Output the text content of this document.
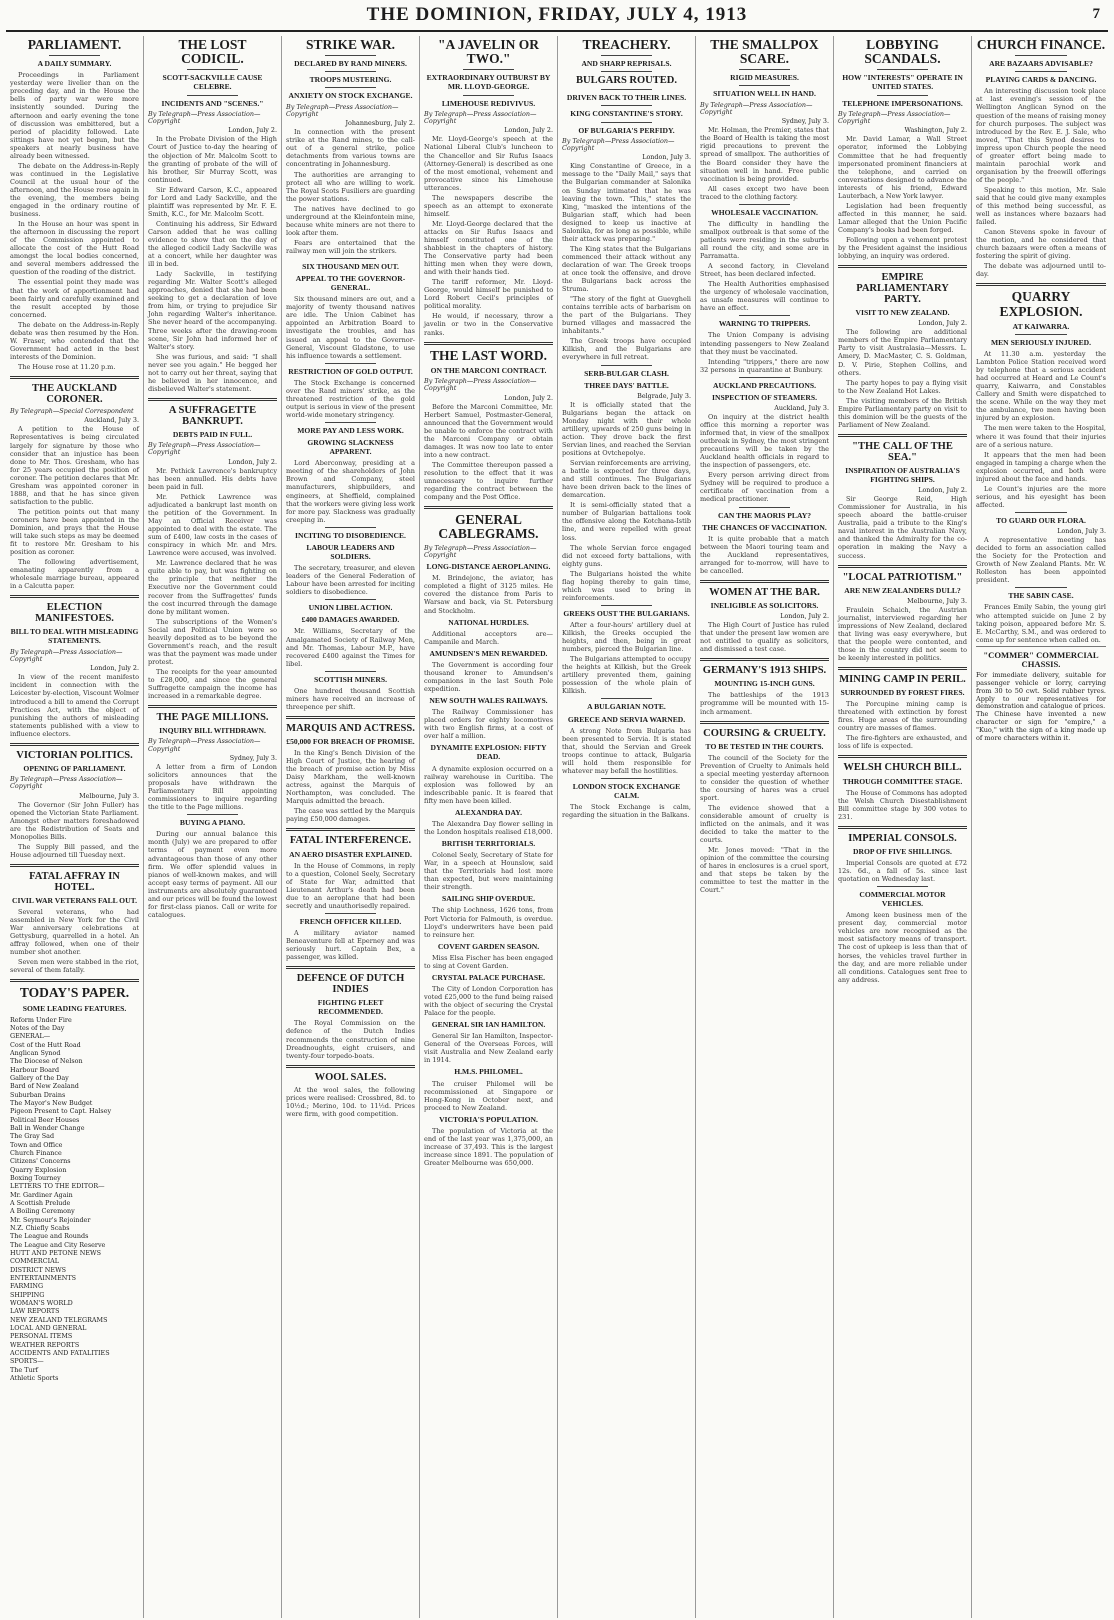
THE DOMINION, FRIDAY, JULY 4, 1913	7
PARLIAMENT.
A DAILY SUMMARY.

Proceedings in Parliament yesterday were livelier than on the preceding day, and in the House the bells of party war were more insistently sounded. During the afternoon and early evening the tone of discussion was embittered, but a period of placidity followed. Late sittings have not yet begun, but the speakers at nearly business have already been witnessed.

The debate on the Address-in-Reply was continued in the Legislative Council at the usual hour of the afternoon, and the House rose again in the evening, the members being engaged in the ordinary routine of business.

In the House an hour was spent in the afternoon in discussing the report of the Commission appointed to allocate the cost of the Hutt Road amongst the local bodies concerned, and several members addressed the question of the roading of the district.

The essential point they made was that the work of apportionment had been fairly and carefully examined and the result accepted by those concerned.

The debate on the Address-in-Reply debate was then resumed by the Hon. W. Fraser, who contended that the Government had acted in the best interests of the Dominion.

The House rose at 11.20 p.m.

THE AUCKLAND CORONER.
By Telegraph—Special Correspondent
Auckland, July 3.

A petition to the House of Representatives is being circulated largely for signature by those who consider that an injustice has been done to Mr. Thos. Gresham, who has for 25 years occupied the position of coroner. The petition declares that Mr. Gresham was appointed coroner in 1888, and that he has since given satisfaction to the public.

The petition points out that many coroners have been appointed in the Dominion, and prays that the House will take such steps as may be deemed fit to restore Mr. Gresham to his position as coroner.

The following advertisement, emanating apparently from a wholesale marriage bureau, appeared in a Calcutta paper.

ELECTION MANIFESTOES.
BILL TO DEAL WITH MISLEADING STATEMENTS.
By Telegraph—Press Association—Copyright
London, July 2.

In view of the recent manifesto incident in connection with the Leicester by-election, Viscount Wolmer introduced a bill to amend the Corrupt Practices Act, with the object of punishing the authors of misleading statements published with a view to influence electors.

VICTORIAN POLITICS.
OPENING OF PARLIAMENT.
By Telegraph—Press Association—Copyright
Melbourne, July 3.

The Governor (Sir John Fuller) has opened the Victorian State Parliament. Amongst other matters foreshadowed are the Redistribution of Seats and Monopolies Bills.

The Supply Bill passed, and the House adjourned till Tuesday next.

FATAL AFFRAY IN HOTEL.
CIVIL WAR VETERANS FALL OUT.

Several veterans, who had assembled in New York for the Civil War anniversary celebrations at Gettysburg, quarrelled in a hotel. An affray followed, when one of their number shot another.

Seven men were stabbed in the riot, several of them fatally.

TODAY'S PAPER.
SOME LEADING FEATURES.
Reform Under Fire
Notes of the Day
GENERAL—
Cost of the Hutt Road
Anglican Synod
The Diocese of Nelson
Harbour Board
Gallery of the Day
Bard of New Zealand
Suburban Drains
The Mayor's New Budget
Pigeon Present to Capt. Halsey
Political Beer Houses
Ball in Wender Change
The Gray Sad
Town and Office
Church Finance
Citizens' Concerns
Quarry Explosion
Boxing Tourney
LETTERS TO THE EDITOR—
Mr. Gardiner Again
A Scottish Prelude
A Boiling Ceremony
Mr. Seymour's Rejoinder
N.Z. Chiefly Scabs
The League and Rounds
The League and City Reserve
HUTT AND PETONE NEWS
COMMERCIAL
DISTRICT NEWS
ENTERTAINMENTS
FARMING
SHIPPING
WOMAN'S WORLD
LAW REPORTS
NEW ZEALAND TELEGRAMS
LOCAL AND GENERAL
PERSONAL ITEMS
WEATHER REPORTS
ACCIDENTS AND FATALITIES
SPORTS—
The Turf
Athletic Sports
THE LOST CODICIL.
SCOTT-SACKVILLE CAUSE CELEBRE.
INCIDENTS AND "SCENES."
By Telegraph—Press Association—Copyright
London, July 2.

In the Probate Division of the High Court of Justice to-day the hearing of the objection of Mr. Malcolm Scott to the granting of probate of the will of his brother, Sir Murray Scott, was continued.

Sir Edward Carson, K.C., appeared for Lord and Lady Sackville, and the plaintiff was represented by Mr. F. E. Smith, K.C., for Mr. Malcolm Scott.

Continuing his address, Sir Edward Carson added that he was calling evidence to show that on the day of the alleged codicil Lady Sackville was at a concert, while her daughter was ill in bed.

Lady Sackville, in testifying regarding Mr. Walter Scott's alleged approaches, denied that she had been seeking to get a declaration of love from him, or trying to prejudice Sir John regarding Walter's inheritance. She never heard of the accompanying. Three weeks after the drawing-room scene, Sir John had informed her of Walter's story.

She was furious, and said: "I shall never see you again." He begged her not to carry out her threat, saying that he believed in her innocence, and disbelieved Walter's statement.

A SUFFRAGETTE BANKRUPT.
DEBTS PAID IN FULL.
By Telegraph—Press Association—Copyright
London, July 2.

Mr. Pethick Lawrence's bankruptcy has been annulled. His debts have been paid in full.

Mr. Pethick Lawrence was adjudicated a bankrupt last month on the petition of the Government. In May an Official Receiver was appointed to deal with the estate. The sum of £400, law costs in the cases of conspiracy in which Mr. and Mrs. Lawrence were accused, was involved.

Mr. Lawrence declared that he was quite able to pay, but was fighting on the principle that neither the Executive nor the Government could recover from the Suffragettes' funds the cost incurred through the damage done by militant women.

The subscriptions of the Women's Social and Political Union were so heavily deposited as to be beyond the Government's reach, and the result was that the payment was made under protest.

The receipts for the year amounted to £28,000, and since the general Suffragette campaign the income has increased in a remarkable degree.

THE PAGE MILLIONS.
INQUIRY BILL WITHDRAWN.
By Telegraph—Press Association—Copyright
Sydney, July 3.

A letter from a firm of London solicitors announces that the proposals have withdrawn the Parliamentary Bill appointing commissioners to inquire regarding the title to the Page millions.

BUYING A PIANO.

During our annual balance this month (July) we are prepared to offer terms of payment even more advantageous than those of any other firm. We offer splendid values in pianos of well-known makes, and will accept easy terms of payment. All our instruments are absolutely guaranteed and our prices will be found the lowest for first-class pianos. Call or write for catalogues.

STRIKE WAR.
DECLARED BY RAND MINERS.
TROOPS MUSTERING.
ANXIETY ON STOCK EXCHANGE.
By Telegraph—Press Association—Copyright
Johannesburg, July 2.

In connection with the present strike at the Rand mines, to the call-out of a general strike, police detachments from various towns are concentrating in Johannesburg.

The authorities are arranging to protect all who are willing to work. The Royal Scots Fusiliers are guarding the power stations.

The natives have declined to go underground at the Kleinfontein mine, because white miners are not there to look after them.

Fears are entertained that the railway men will join the strikers.

SIX THOUSAND MEN OUT.
APPEAL TO THE GOVERNOR-GENERAL.

Six thousand miners are out, and a majority of twenty thousand natives are idle. The Union Cabinet has appointed an Arbitration Board to investigate the troubles, and has issued an appeal to the Governor-General, Viscount Gladstone, to use his influence towards a settlement.

RESTRICTION OF GOLD OUTPUT.

The Stock Exchange is concerned over the Rand miners' strike, as the threatened restriction of the gold output is serious in view of the present world-wide monetary stringency.

MORE PAY AND LESS WORK.
GROWING SLACKNESS APPARENT.

Lord Aberconway, presiding at a meeting of the shareholders of John Brown and Company, steel manufacturers, shipbuilders, and engineers, at Sheffield, complained that the workers were giving less work for more pay. Slackness was gradually creeping in.

INCITING TO DISOBEDIENCE.
LABOUR LEADERS AND SOLDIERS.

The secretary, treasurer, and eleven leaders of the General Federation of Labour have been arrested for inciting soldiers to disobedience.

UNION LIBEL ACTION.
£400 DAMAGES AWARDED.

Mr. Williams, Secretary of the Amalgamated Society of Railway Men, and Mr. Thomas, Labour M.P., have recovered £400 against the Times for libel.

SCOTTISH MINERS.

One hundred thousand Scottish miners have received an increase of threepence per shift.

MARQUIS AND ACTRESS.
£50,000 FOR BREACH OF PROMISE.

In the King's Bench Division of the High Court of Justice, the hearing of the breach of promise action by Miss Daisy Markham, the well-known actress, against the Marquis of Northampton, was concluded. The Marquis admitted the breach.

The case was settled by the Marquis paying £50,000 damages.

FATAL INTERFERENCE.
AN AERO DISASTER EXPLAINED.

In the House of Commons, in reply to a question, Colonel Seely, Secretary of State for War, admitted that Lieutenant Arthur's death had been due to an aeroplane that had been secretly and unauthorisedly repaired.

FRENCH OFFICER KILLED.

A military aviator named Beneaventure fell at Eperney and was seriously hurt. Captain Bex, a passenger, was killed.

DEFENCE OF DUTCH INDIES
FIGHTING FLEET RECOMMENDED.

The Royal Commission on the defence of the Dutch Indies recommends the construction of nine Dreadnoughts, eight cruisers, and twenty-four torpedo-boats.

WOOL SALES.

At the wool sales, the following prices were realised: Crossbred, 8d. to 10½d.; Merino, 10d. to 11½d. Prices were firm, with good competition.

"A JAVELIN OR TWO."
EXTRAORDINARY OUTBURST BY MR. LLOYD-GEORGE.
LIMEHOUSE REDIVIVUS.
By Telegraph—Press Association—Copyright
London, July 2.

Mr. Lloyd-George's speech at the National Liberal Club's luncheon to the Chancellor and Sir Rufus Isaacs (Attorney-General) is described as one of the most emotional, vehement and provocative since his Limehouse utterances.

The newspapers describe the speech as an attempt to exonerate himself.

Mr. Lloyd-George declared that the attacks on Sir Rufus Isaacs and himself constituted one of the shabbiest in the chapters of history. The Conservative party had been hitting men when they were down, and with their hands tied.

The tariff reformer, Mr. Lloyd-George, would himself be punished to Lord Robert Cecil's principles of political morality.

He would, if necessary, throw a javelin or two in the Conservative ranks.

THE LAST WORD.
ON THE MARCONI CONTRACT.
By Telegraph—Press Association—Copyright
London, July 2.

Before the Marconi Committee, Mr. Herbert Samuel, Postmaster-General, announced that the Government would be unable to enforce the contract with the Marconi Company or obtain damages. It was now too late to enter into a new contract.

The Committee thereupon passed a resolution to the effect that it was unnecessary to inquire further regarding the contract between the company and the Post Office.

GENERAL CABLEGRAMS.
By Telegraph—Press Association—Copyright
LONG-DISTANCE AEROPLANING.

M. Brindejonc, the aviator, has completed a flight of 3125 miles. He covered the distance from Paris to Warsaw and back, via St. Petersburg and Stockholm.

NATIONAL HURDLES.

Additional acceptors are—Campanile and March.

AMUNDSEN'S MEN REWARDED.

The Government is according four thousand kroner to Amundsen's companions in the last South Pole expedition.

NEW SOUTH WALES RAILWAYS.

The Railway Commissioner has placed orders for eighty locomotives with two English firms, at a cost of over half a million.

DYNAMITE EXPLOSION: FIFTY DEAD.

A dynamite explosion occurred on a railway warehouse in Curitiba. The explosion was followed by an indescribable panic. It is feared that fifty men have been killed.

ALEXANDRA DAY.

The Alexandra Day flower selling in the London hospitals realised £18,000.

BRITISH TERRITORIALS.

Colonel Seely, Secretary of State for War, in a speech at Hounslow, said that the Territorials had lost more than expected, but were maintaining their strength.

SAILING SHIP OVERDUE.

The ship Lochness, 1626 tons, from Port Victoria for Falmouth, is overdue. Lloyd's underwriters have been paid to reinsure her.

COVENT GARDEN SEASON.

Miss Elsa Fischer has been engaged to sing at Covent Garden.

CRYSTAL PALACE PURCHASE.

The City of London Corporation has voted £25,000 to the fund being raised with the object of securing the Crystal Palace for the people.

GENERAL SIR IAN HAMILTON.

General Sir Ian Hamilton, Inspector-General of the Overseas Forces, will visit Australia and New Zealand early in 1914.

H.M.S. PHILOMEL.

The cruiser Philomel will be recommissioned at Singapore or Hong-Kong in October next, and proceed to New Zealand.

VICTORIA'S POPULATION.

The population of Victoria at the end of the last year was 1,375,000, an increase of 37,493. This is the largest increase since 1891. The population of Greater Melbourne was 650,000.

TREACHERY.
AND SHARP REPRISALS.
BULGARS ROUTED.
DRIVEN BACK TO THEIR LINES.
KING CONSTANTINE'S STORY.
OF BULGARIA'S PERFIDY.
By Telegraph—Press Association—Copyright
London, July 3.

King Constantine of Greece, in a message to the "Daily Mail," says that the Bulgarian commander at Salonika on Sunday intimated that he was leaving the town. "This," states the King, "masked the intentions of the Bulgarian staff, which had been designed to keep us inactive at Salonika, for as long as possible, while their attack was preparing."

The King states that the Bulgarians commenced their attack without any declaration of war. The Greek troops at once took the offensive, and drove the Bulgarians back across the Struma.

"The story of the fight at Guevgheli contains terrible acts of barbarism on the part of the Bulgarians. They burned villages and massacred the inhabitants."

The Greek troops have occupied Kilkish, and the Bulgarians are everywhere in full retreat.

SERB-BULGAR CLASH.
THREE DAYS' BATTLE.
Belgrade, July 3.

It is officially stated that the Bulgarians began the attack on Monday night with their whole artillery, upwards of 250 guns being in action. They drove back the first Servian lines, and reached the Servian positions at Ovtchepolye.

Servian reinforcements are arriving, a battle is expected for three days, and still continues. The Bulgarians have been driven back to the lines of demarcation.

It is semi-officially stated that a number of Bulgarian battalions took the offensive along the Kotchana-Istib line, and were repelled with great loss.

The whole Servian force engaged did not exceed forty battalions, with eighty guns.

The Bulgarians hoisted the white flag hoping thereby to gain time, which was used to bring in reinforcements.

GREEKS OUST THE BULGARIANS.

After a four-hours' artillery duel at Kilkish, the Greeks occupied the heights, and then, being in great numbers, pierced the Bulgarian line.

The Bulgarians attempted to occupy the heights at Kilkish, but the Greek artillery prevented them, gaining possession of the whole plain of Kilkish.

A BULGARIAN NOTE.
GREECE AND SERVIA WARNED.

A strong Note from Bulgaria has been presented to Servia. It is stated that, should the Servian and Greek troops continue to attack, Bulgaria will hold them responsible for whatever may befall the hostilities.

LONDON STOCK EXCHANGE CALM.

The Stock Exchange is calm, regarding the situation in the Balkans.

THE SMALLPOX SCARE.
RIGID MEASURES.
SITUATION WELL IN HAND.
By Telegraph—Press Association—Copyright
Sydney, July 3.

Mr. Holman, the Premier, states that the Board of Health is taking the most rigid precautions to prevent the spread of smallpox. The authorities of the Board consider they have the situation well in hand. Free public vaccination is being provided.

All cases except two have been traced to the clothing factory.

WHOLESALE VACCINATION.

The difficulty in handling the smallpox outbreak is that some of the patients were residing in the suburbs all round the city, and some are in Parramatta.

A second factory, in Cleveland Street, has been declared infected.

The Health Authorities emphasised the urgency of wholesale vaccination, as unsafe measures will continue to have an effect.

WARNING TO TRIPPERS.

The Union Company is advising intending passengers to New Zealand that they must be vaccinated.

Intending "trippers," there are now 32 persons in quarantine at Bunbury.

AUCKLAND PRECAUTIONS.
INSPECTION OF STEAMERS.
Auckland, July 3.

On inquiry at the district health office this morning a reporter was informed that, in view of the smallpox outbreak in Sydney, the most stringent precautions will be taken by the Auckland health officials in regard to the inspection of passengers, etc.

Every person arriving direct from Sydney will be required to produce a certificate of vaccination from a medical practitioner.

CAN THE MAORIS PLAY?
THE CHANCES OF VACCINATION.

It is quite probable that a match between the Maori touring team and the Auckland representatives, arranged for to-morrow, will have to be cancelled.

WOMEN AT THE BAR.
INELIGIBLE AS SOLICITORS.
London, July 2.

The High Court of Justice has ruled that under the present law women are not entitled to qualify as solicitors, and dismissed a test case.

GERMANY'S 1913 SHIPS.
MOUNTING 15-INCH GUNS.

The battleships of the 1913 programme will be mounted with 15-inch armament.

COURSING & CRUELTY.
TO BE TESTED IN THE COURTS.

The council of the Society for the Prevention of Cruelty to Animals held a special meeting yesterday afternoon to consider the question of whether the coursing of hares was a cruel sport.

The evidence showed that a considerable amount of cruelty is inflicted on the animals, and it was decided to take the matter to the courts.

Mr. Jones moved: "That in the opinion of the committee the coursing of hares in enclosures is a cruel sport, and that steps be taken by the committee to test the matter in the Court."

LOBBYING SCANDALS.
HOW "INTERESTS" OPERATE IN UNITED STATES.
TELEPHONE IMPERSONATIONS.
By Telegraph—Press Association—Copyright
Washington, July 2.

Mr. David Lamar, a Wall Street operator, informed the Lobbying Committee that he had frequently impersonated prominent financiers at the telephone, and carried on conversations designed to advance the interests of his friend, Edward Lauterbach, a New York lawyer.

Legislation had been frequently affected in this manner, he said. Lamar alleged that the Union Pacific Company's books had been forged.

Following upon a vehement protest by the President against the insidious lobbying, an inquiry was ordered.

EMPIRE PARLIAMENTARY PARTY.
VISIT TO NEW ZEALAND.
London, July 2.

The following are additional members of the Empire Parliamentary Party to visit Australasia—Messrs. L. Amery, D. MacMaster, C. S. Goldman, D. V. Pirie, Stephen Collins, and others.

The party hopes to pay a flying visit to the New Zealand Hot Lakes.

The visiting members of the British Empire Parliamentary party on visit to this dominion will be the guests of the Parliament of New Zealand.

"THE CALL OF THE SEA."
INSPIRATION OF AUSTRALIA'S FIGHTING SHIPS.
London, July 2.

Sir George Reid, High Commissioner for Australia, in his speech aboard the battle-cruiser Australia, paid a tribute to the King's naval interest in the Australian Navy, and thanked the Admiralty for the co-operation in making the Navy a success.

"LOCAL PATRIOTISM."
ARE NEW ZEALANDERS DULL?
Melbourne, July 3.

Fraulein Schaich, the Austrian journalist, interviewed regarding her impressions of New Zealand, declared that living was easy everywhere, but that the people were contented, and those in the country did not seem to be keenly interested in politics.

MINING CAMP IN PERIL.
SURROUNDED BY FOREST FIRES.

The Porcupine mining camp is threatened with extinction by forest fires. Huge areas of the surrounding country are masses of flames.

The fire-fighters are exhausted, and loss of life is expected.

WELSH CHURCH BILL.
THROUGH COMMITTEE STAGE.

The House of Commons has adopted the Welsh Church Disestablishment Bill committee stage by 300 votes to 231.

IMPERIAL CONSOLS.
DROP OF FIVE SHILLINGS.

Imperial Consols are quoted at £72 12s. 6d., a fall of 5s. since last quotation on Wednesday last.

COMMERCIAL MOTOR VEHICLES.

Among keen business men of the present day, commercial motor vehicles are now recognised as the most satisfactory means of transport. The cost of upkeep is less than that of horses, the vehicles travel further in the day, and are more reliable under all conditions. Catalogues sent free to any address.

CHURCH FINANCE.
ARE BAZAARS ADVISABLE?
PLAYING CARDS & DANCING.

An interesting discussion took place at last evening's session of the Wellington Anglican Synod on the question of the means of raising money for church purposes. The subject was introduced by the Rev. E. J. Sale, who moved, "That this Synod desires to impress upon Church people the need of greater effort being made to maintain parochial work and organisation by the freewill offerings of the people."

Speaking to this motion, Mr. Sale said that he could give many examples of this method being successful, as well as instances where bazaars had failed.

Canon Stevens spoke in favour of the motion, and he considered that church bazaars were often a means of fostering the spirit of giving.

The debate was adjourned until to-day.

QUARRY EXPLOSION.
AT KAIWARRA.
MEN SERIOUSLY INJURED.

At 11.30 a.m. yesterday the Lambton Police Station received word by telephone that a serious accident had occurred at Heard and Le Count's quarry, Kaiwarra, and Constables Callery and Smith were dispatched to the scene. While on the way they met the ambulance, two men having been injured by an explosion.

The men were taken to the Hospital, where it was found that their injuries are of a serious nature.

It appears that the men had been engaged in tamping a charge when the explosion occurred, and both were injured about the face and hands.

Le Count's injuries are the more serious, and his eyesight has been affected.

TO GUARD OUR FLORA.
London, July 3.

A representative meeting has decided to form an association called the Society for the Protection and Growth of New Zealand Plants. Mr. W. Rolleston has been appointed president.

THE SABIN CASE.

Frances Emily Sabin, the young girl who attempted suicide on June 2 by taking poison, appeared before Mr. S. E. McCarthy, S.M., and was ordered to come up for sentence when called on.

"COMMER" COMMERCIAL CHASSIS.

For immediate delivery, suitable for passenger vehicle or lorry, carrying from 30 to 50 cwt. Solid rubber tyres. Apply to our representatives for demonstration and catalogue of prices.

The Chinese have invented a new character or sign for "empire," a "Kuo," with the sign of a king made up of more characters within it.
